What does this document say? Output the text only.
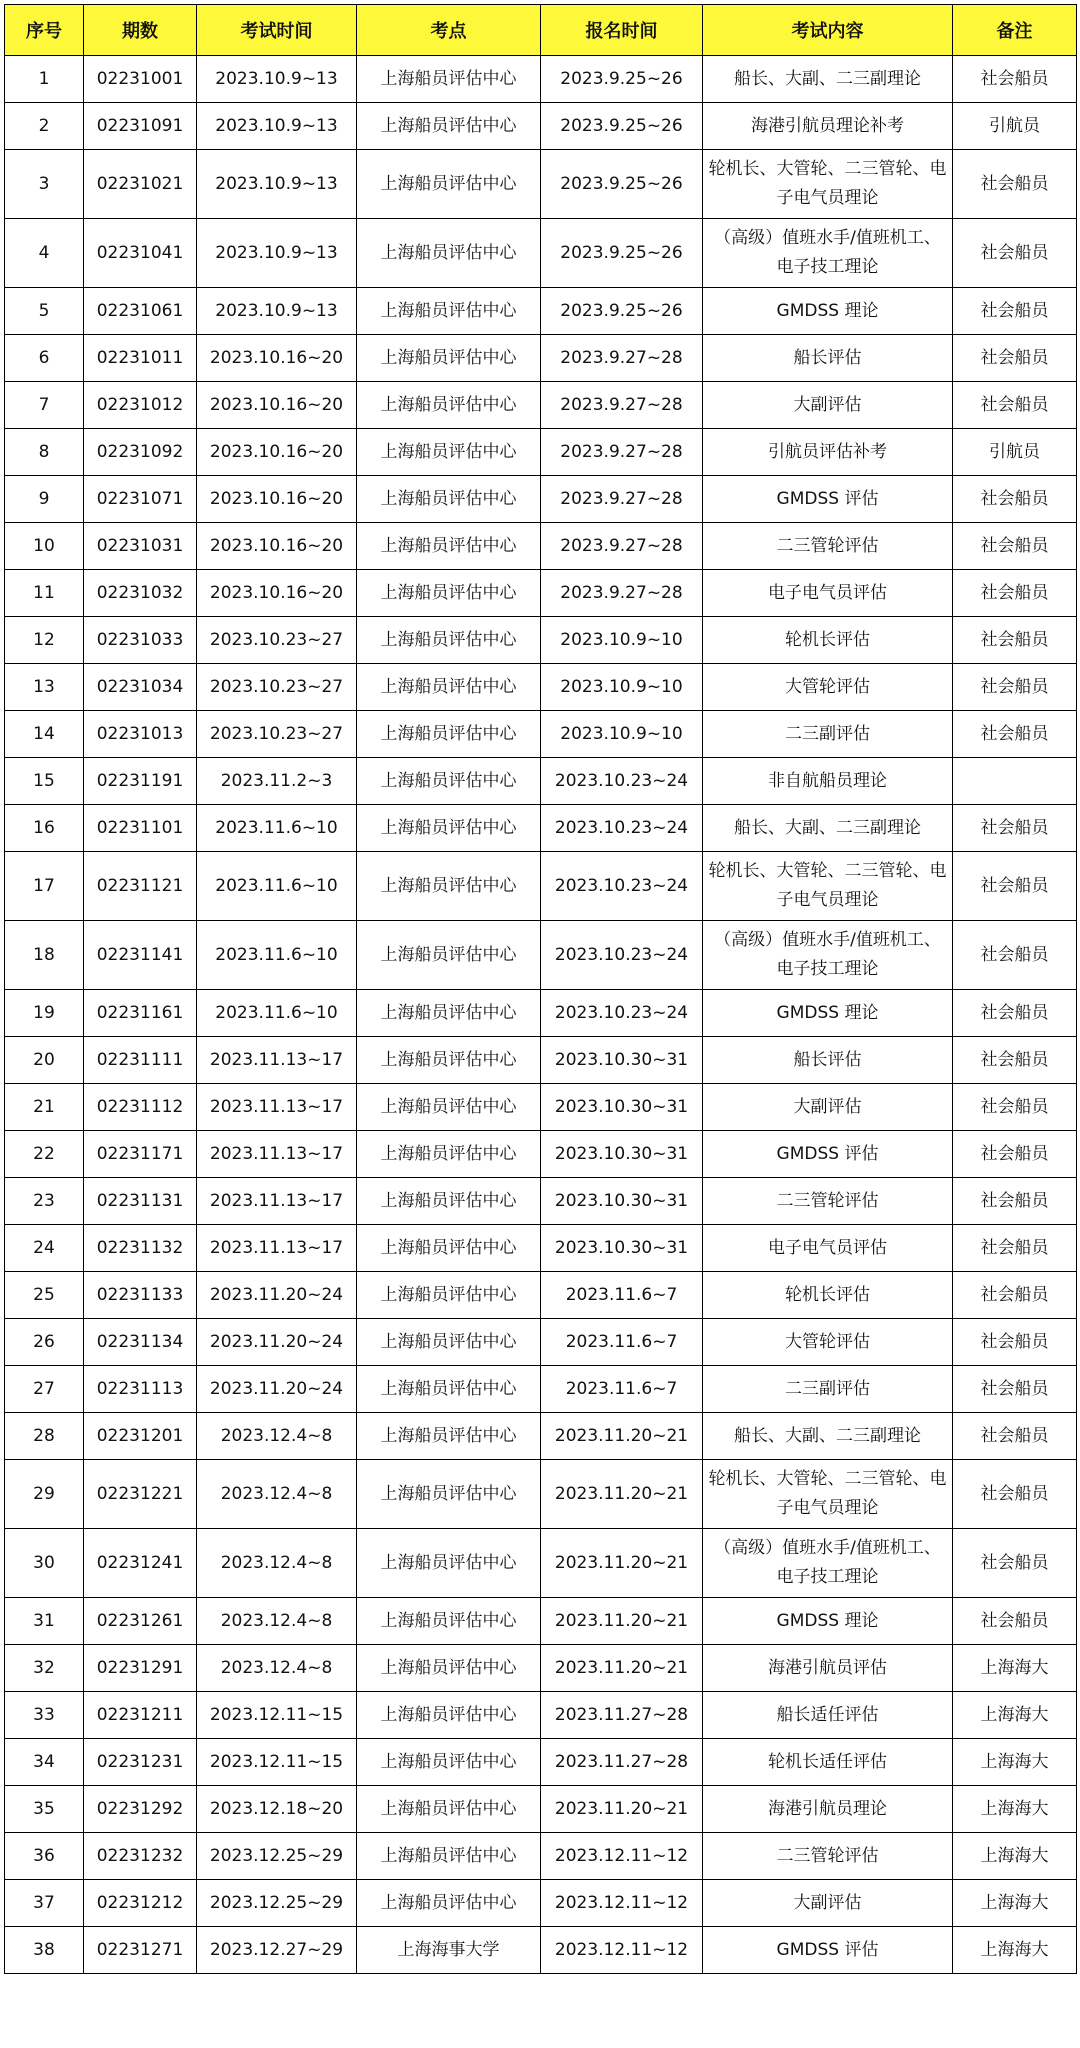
序号	期数	考试时间	考点	报名时间	考试内容	备注
1	02231001	2023.10.9~13	上海船员评估中心	2023.9.25~26	船长、大副、二三副理论	社会船员
2	02231091	2023.10.9~13	上海船员评估中心	2023.9.25~26	海港引航员理论补考	引航员
3	02231021	2023.10.9~13	上海船员评估中心	2023.9.25~26	轮机长、大管轮、二三管轮、电子电气员理论	社会船员
4	02231041	2023.10.9~13	上海船员评估中心	2023.9.25~26	（高级）值班水手/值班机工、电子技工理论	社会船员
5	02231061	2023.10.9~13	上海船员评估中心	2023.9.25~26	GMDSS 理论	社会船员
6	02231011	2023.10.16~20	上海船员评估中心	2023.9.27~28	船长评估	社会船员
7	02231012	2023.10.16~20	上海船员评估中心	2023.9.27~28	大副评估	社会船员
8	02231092	2023.10.16~20	上海船员评估中心	2023.9.27~28	引航员评估补考	引航员
9	02231071	2023.10.16~20	上海船员评估中心	2023.9.27~28	GMDSS 评估	社会船员
10	02231031	2023.10.16~20	上海船员评估中心	2023.9.27~28	二三管轮评估	社会船员
11	02231032	2023.10.16~20	上海船员评估中心	2023.9.27~28	电子电气员评估	社会船员
12	02231033	2023.10.23~27	上海船员评估中心	2023.10.9~10	轮机长评估	社会船员
13	02231034	2023.10.23~27	上海船员评估中心	2023.10.9~10	大管轮评估	社会船员
14	02231013	2023.10.23~27	上海船员评估中心	2023.10.9~10	二三副评估	社会船员
15	02231191	2023.11.2~3	上海船员评估中心	2023.10.23~24	非自航船员理论	
16	02231101	2023.11.6~10	上海船员评估中心	2023.10.23~24	船长、大副、二三副理论	社会船员
17	02231121	2023.11.6~10	上海船员评估中心	2023.10.23~24	轮机长、大管轮、二三管轮、电子电气员理论	社会船员
18	02231141	2023.11.6~10	上海船员评估中心	2023.10.23~24	（高级）值班水手/值班机工、电子技工理论	社会船员
19	02231161	2023.11.6~10	上海船员评估中心	2023.10.23~24	GMDSS 理论	社会船员
20	02231111	2023.11.13~17	上海船员评估中心	2023.10.30~31	船长评估	社会船员
21	02231112	2023.11.13~17	上海船员评估中心	2023.10.30~31	大副评估	社会船员
22	02231171	2023.11.13~17	上海船员评估中心	2023.10.30~31	GMDSS 评估	社会船员
23	02231131	2023.11.13~17	上海船员评估中心	2023.10.30~31	二三管轮评估	社会船员
24	02231132	2023.11.13~17	上海船员评估中心	2023.10.30~31	电子电气员评估	社会船员
25	02231133	2023.11.20~24	上海船员评估中心	2023.11.6~7	轮机长评估	社会船员
26	02231134	2023.11.20~24	上海船员评估中心	2023.11.6~7	大管轮评估	社会船员
27	02231113	2023.11.20~24	上海船员评估中心	2023.11.6~7	二三副评估	社会船员
28	02231201	2023.12.4~8	上海船员评估中心	2023.11.20~21	船长、大副、二三副理论	社会船员
29	02231221	2023.12.4~8	上海船员评估中心	2023.11.20~21	轮机长、大管轮、二三管轮、电子电气员理论	社会船员
30	02231241	2023.12.4~8	上海船员评估中心	2023.11.20~21	（高级）值班水手/值班机工、电子技工理论	社会船员
31	02231261	2023.12.4~8	上海船员评估中心	2023.11.20~21	GMDSS 理论	社会船员
32	02231291	2023.12.4~8	上海船员评估中心	2023.11.20~21	海港引航员评估	上海海大
33	02231211	2023.12.11~15	上海船员评估中心	2023.11.27~28	船长适任评估	上海海大
34	02231231	2023.12.11~15	上海船员评估中心	2023.11.27~28	轮机长适任评估	上海海大
35	02231292	2023.12.18~20	上海船员评估中心	2023.11.20~21	海港引航员理论	上海海大
36	02231232	2023.12.25~29	上海船员评估中心	2023.12.11~12	二三管轮评估	上海海大
37	02231212	2023.12.25~29	上海船员评估中心	2023.12.11~12	大副评估	上海海大
38	02231271	2023.12.27~29	上海海事大学	2023.12.11~12	GMDSS 评估	上海海大
